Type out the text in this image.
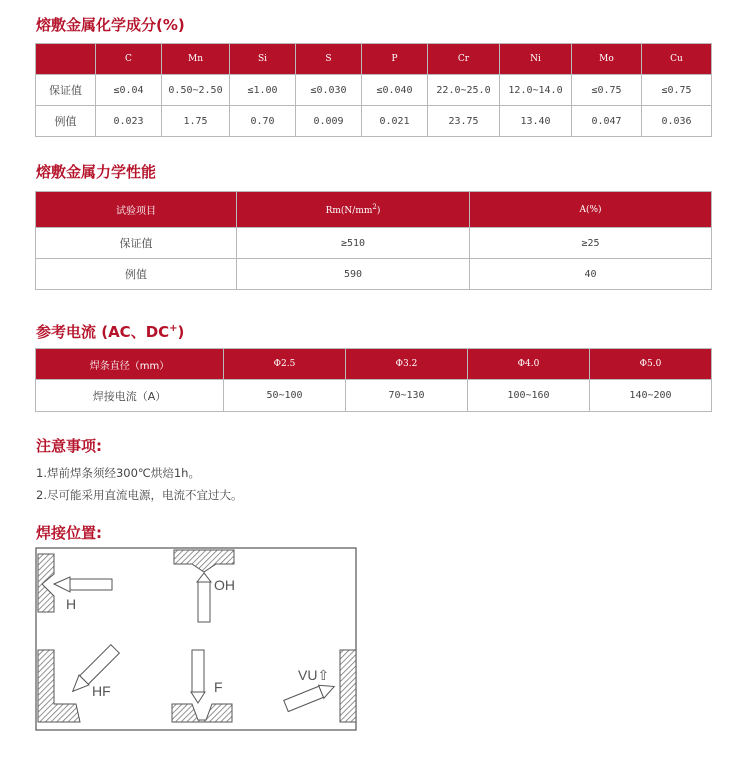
熔敷金属化学成分(%)
	C	Mn	Si	S	P	Cr	Ni	Mo	Cu
保证值	≤0.04	0.50~2.50	≤1.00	≤0.030	≤0.040	22.0~25.0	12.0~14.0	≤0.75	≤0.75
例值	0.023	1.75	0.70	0.009	0.021	23.75	13.40	0.047	0.036
熔敷金属力学性能
试验项目	$Rm(N/mm^2)$	A(%)
保证值	≥510	≥25
例值	590	40
参考电流 (AC、DC+)
焊条直径（mm）	Φ2.5	Φ3.2	Φ4.0	Φ5.0
焊接电流（A）	50~100	70~130	100~160	140~200
注意事项:
1.焊前焊条须经300℃烘焙1h。
2.尽可能采用直流电源，电流不宜过大。
焊接位置:
H
OH
HF	F
VU⇧
